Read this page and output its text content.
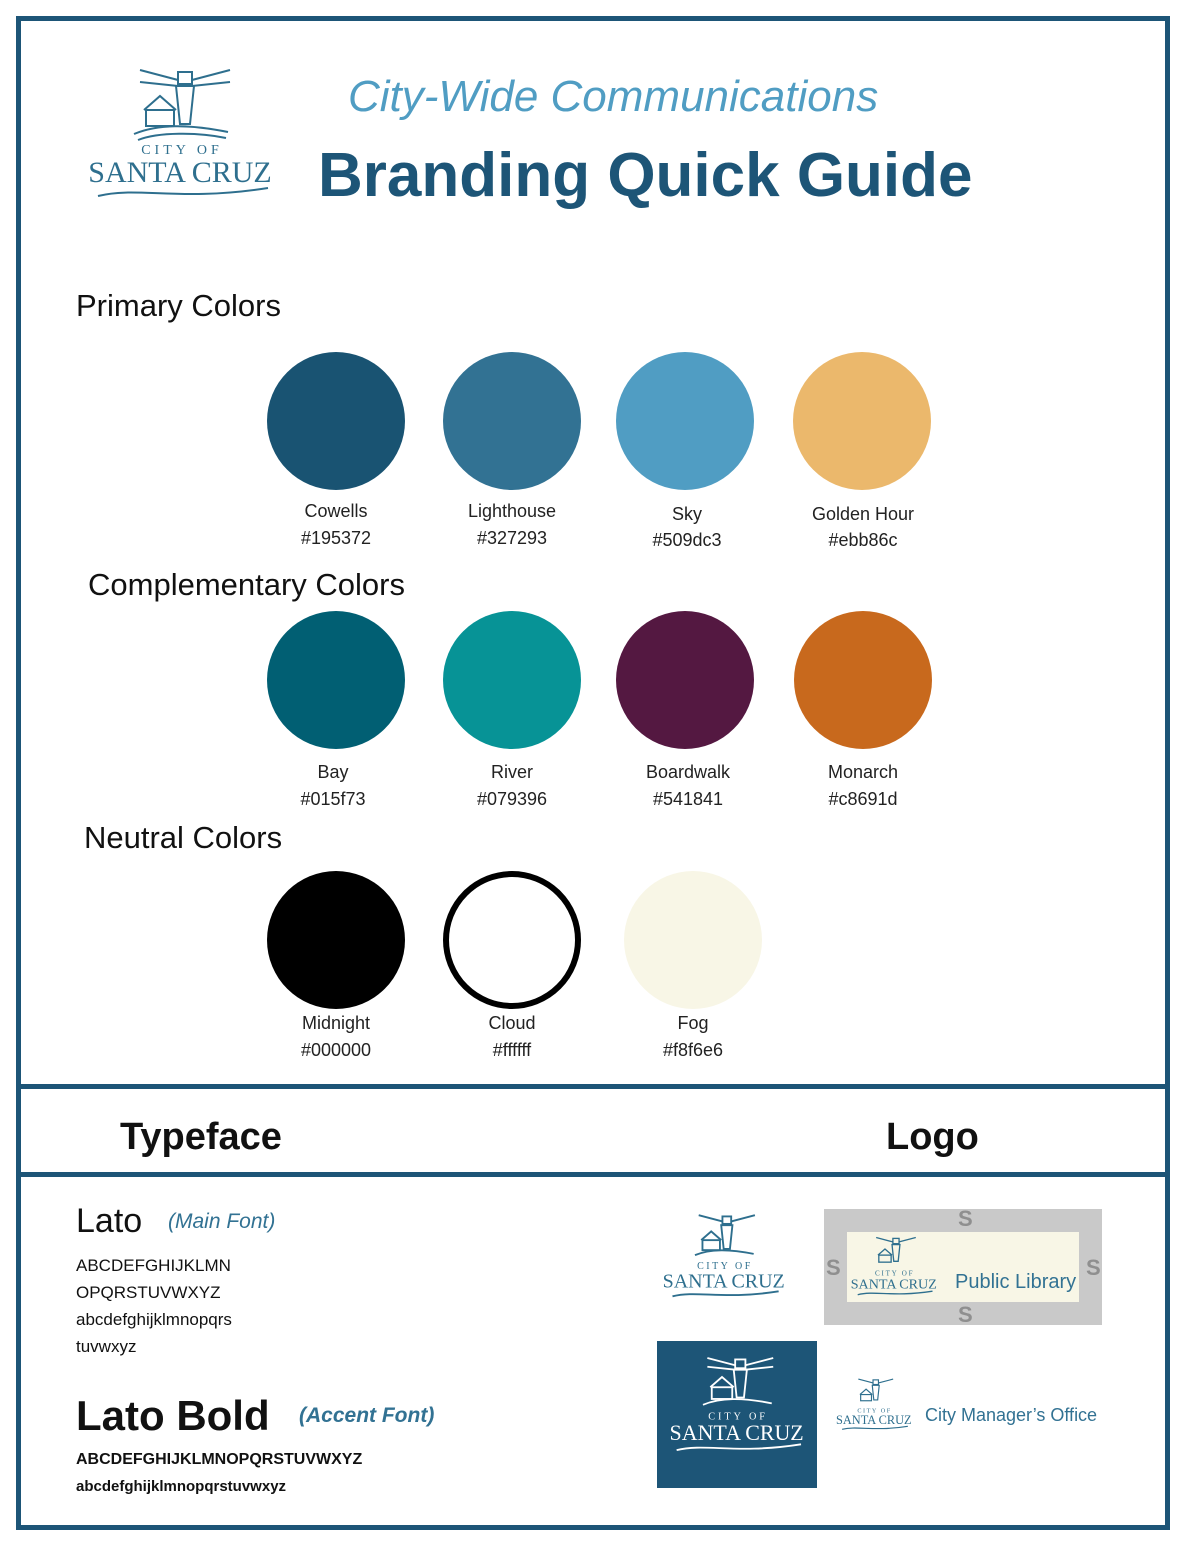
CITY OF
SANTA CRUZ
City-Wide Communications
Branding Quick Guide
Primary Colors
Cowells
#195372
Lighthouse
#327293
Sky
#509dc3
Golden Hour
#ebb86c
Complementary Colors
Bay
#015f73
River
#079396
Boardwalk
#541841
Monarch
#c8691d
Neutral Colors
Midnight
#000000
Cloud
#ffffff
Fog
#f8f6e6
Typeface	Logo
Lato (Main Font)
ABCDEFGHIJKLMN
OPQRSTUVWXYZ
abcdefghijklmnopqrs
tuvwxyz
Lato Bold (Accent Font)
ABCDEFGHIJKLMNOPQRSTUVWXYZ
abcdefghijklmnopqrstuvwxyz
CITY OF
SANTA CRUZ
S
S
S	S
CITY OF
SANTA CRUZ Public Library
CITY OF
SANTA CRUZ
CITY OF
SANTA CRUZ City Manager’s Office
